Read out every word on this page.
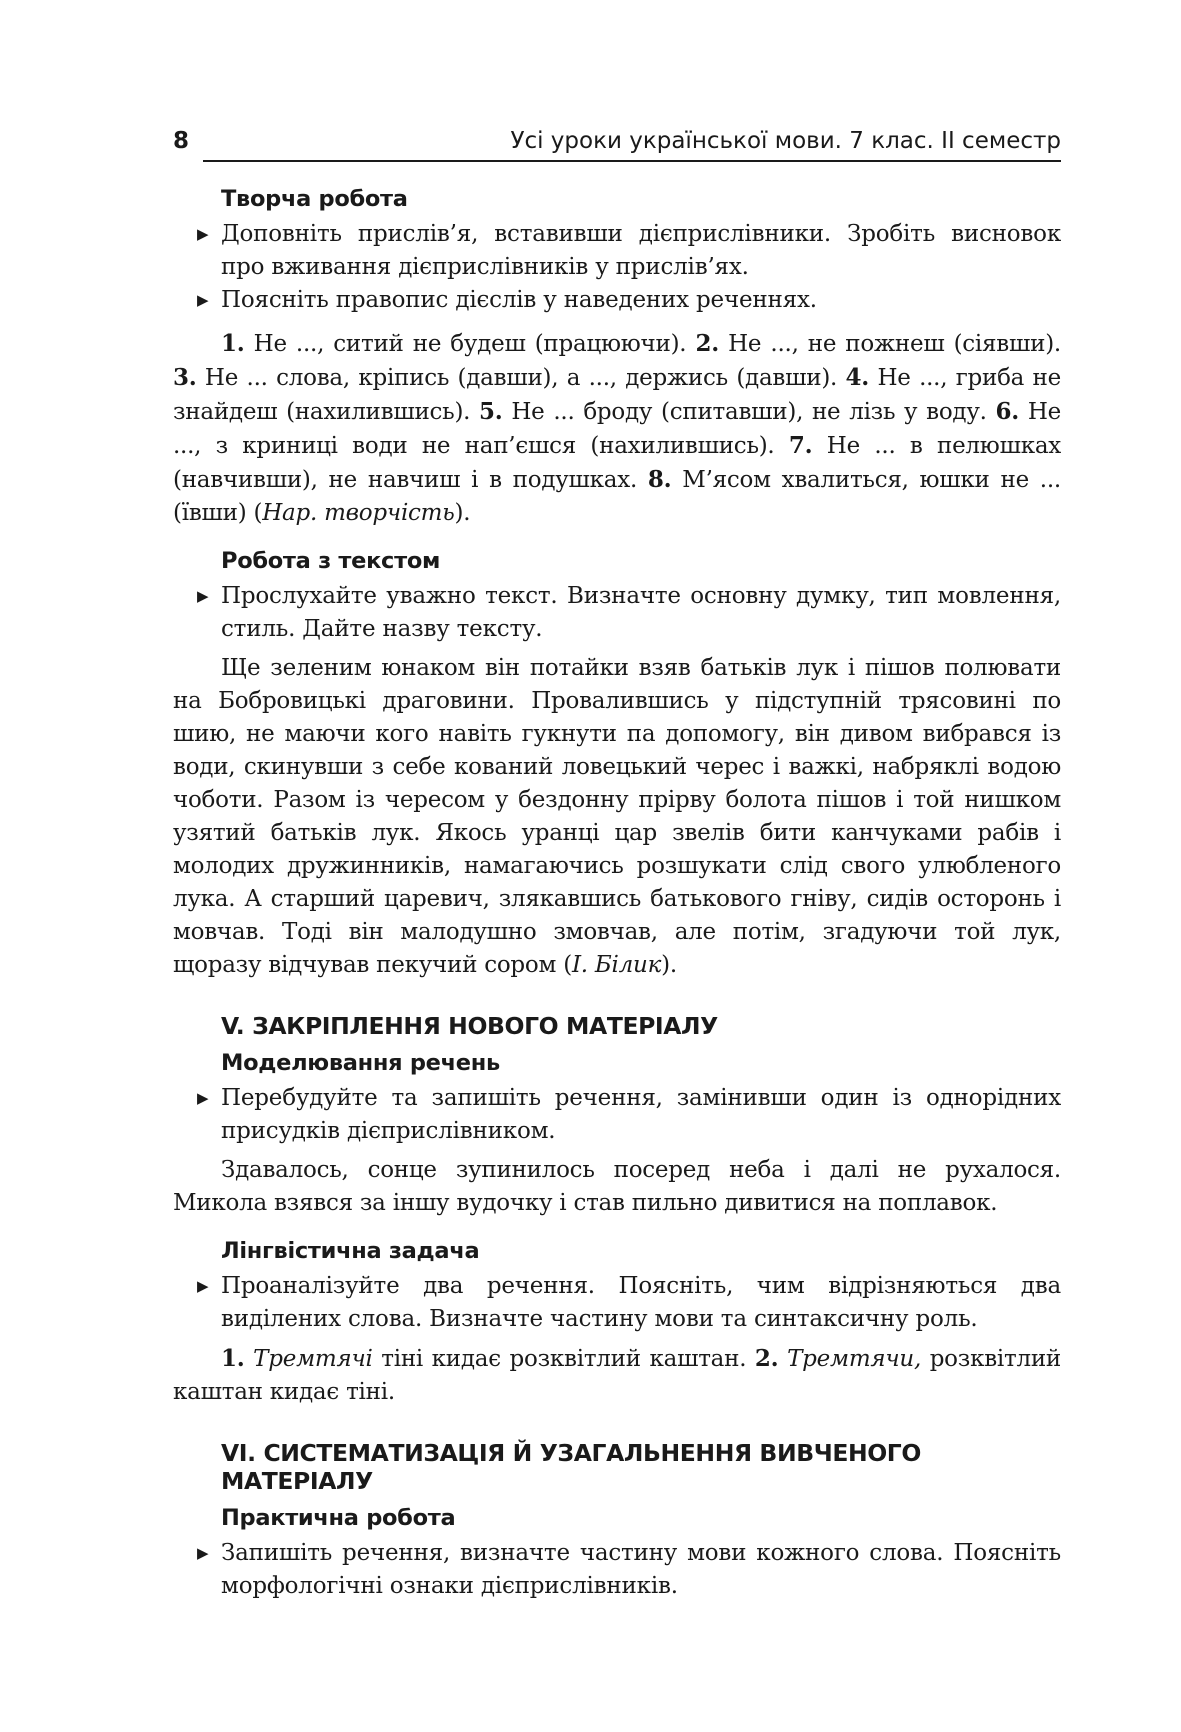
8	Усі уроки української мови. 7 клас. ІІ семестр
Творча робота

▶ Доповніть прислів’я, вставивши дієприслівники. Зробіть висновок про вживання дієприслівників у прислів’ях.

▶ Поясніть правопис дієслів у наведених реченнях.

1. Не ..., ситий не будеш (працюючи). 2. Не ..., не пожнеш (сіявши). 3. Не ... слова, кріпись (давши), а ..., держись (давши). 4. Не ..., гриба не знайдеш (нахилившись). 5. Не ... броду (спитавши), не лізь у воду. 6. Не ..., з криниці води не нап’єшся (нахилившись). 7. Не ... в пелюшках (навчивши), не навчиш і в подушках. 8. М’ясом хвалиться, юшки не ... (ївши) (Нар. творчість).

Робота з текстом

▶ Прослухайте уважно текст. Визначте основну думку, тип мовлення, стиль. Дайте назву тексту.

Ще зеленим юнаком він потайки взяв батьків лук і пішов полювати на Бобровицькі драговини. Провалившись у підступній трясовині по шию, не маючи кого навіть гукнути па допомогу, він дивом вибрався із води, скинувши з себе кований ловецький черес і важкі, набряклі водою чоботи. Разом із чересом у бездонну прірву болота пішов і той нишком узятий батьків лук. Якось уранці цар звелів бити канчуками рабів і молодих дружинників, намагаючись розшукати слід свого улюбленого лука. А старший царевич, злякавшись батькового гніву, сидів осторонь і мовчав. Тоді він малодушно змовчав, але потім, згадуючи той лук, щоразу відчував пекучий сором (І. Білик).

V. ЗАКРІПЛЕННЯ НОВОГО МАТЕРІАЛУ
Моделювання речень

▶ Перебудуйте та запишіть речення, замінивши один із однорідних присудків дієприслівником.

Здавалось, сонце зупинилось посеред неба і далі не рухалося. Микола взявся за іншу вудочку і став пильно дивитися на поплавок.

Лінгвістична задача

▶ Проаналізуйте два речення. Поясніть, чим відрізняються два виділених слова. Визначте частину мови та синтаксичну роль.

1. Тремтячі тіні кидає розквітлий каштан. 2. Тремтячи, розквітлий каштан кидає тіні.

VI. СИСТЕМАТИЗАЦІЯ Й УЗАГАЛЬНЕННЯ ВИВЧЕНОГО МАТЕРІАЛУ
Практична робота

▶ Запишіть речення, визначте частину мови кожного слова. Поясніть морфологічні ознаки дієприслівників.
